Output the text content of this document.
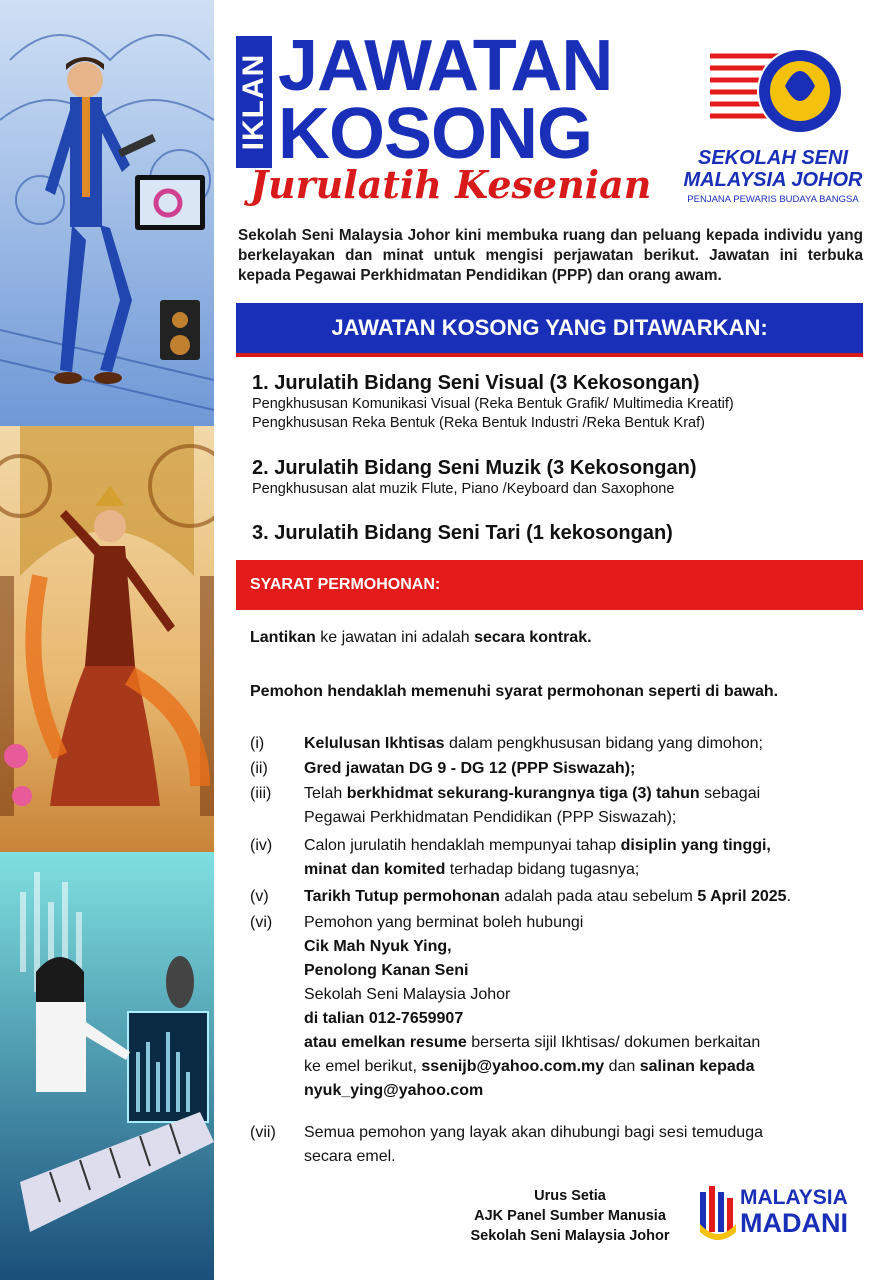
IKLAN JAWATAN
KOSONG
Jurulatih Kesenian
SEKOLAH SENI
MALAYSIA JOHOR
PENJANA PEWARIS BUDAYA BANGSA
Sekolah Seni Malaysia Johor kini membuka ruang dan peluang kepada individu yang berkelayakan dan minat untuk mengisi perjawatan berikut. Jawatan ini terbuka kepada Pegawai Perkhidmatan Pendidikan (PPP) dan orang awam.
JAWATAN KOSONG YANG DITAWARKAN:
1. Jurulatih Bidang Seni Visual (3 Kekosongan)
Pengkhususan Komunikasi Visual (Reka Bentuk Grafik/ Multimedia Kreatif)
Pengkhususan Reka Bentuk (Reka Bentuk Industri /Reka Bentuk Kraf)
2. Jurulatih Bidang Seni Muzik (3 Kekosongan)
Pengkhususan alat muzik Flute, Piano /Keyboard dan Saxophone
3. Jurulatih Bidang Seni Tari (1 kekosongan)
SYARAT PERMOHONAN:
Lantikan ke jawatan ini adalah secara kontrak.
Pemohon hendaklah memenuhi syarat permohonan seperti di bawah.
(i) Kelulusan Ikhtisas dalam pengkhususan bidang yang dimohon;
(ii) Gred jawatan DG 9 - DG 12 (PPP Siswazah);
(iii) Telah berkhidmat sekurang-kurangnya tiga (3) tahun sebagai
Pegawai Perkhidmatan Pendidikan (PPP Siswazah);
(iv) Calon jurulatih hendaklah mempunyai tahap disiplin yang tinggi,
minat dan komited terhadap bidang tugasnya;
(v) Tarikh Tutup permohonan adalah pada atau sebelum 5 April 2025.
(vi) Pemohon yang berminat boleh hubungi
Cik Mah Nyuk Ying,
Penolong Kanan Seni
Sekolah Seni Malaysia Johor
di talian 012-7659907
atau emelkan resume berserta sijil Ikhtisas/ dokumen berkaitan
ke emel berikut, ssenijb@yahoo.com.my dan salinan kepada
nyuk_ying@yahoo.com
(vii) Semua pemohon yang layak akan dihubungi bagi sesi temuduga
secara emel.
Urus Setia
AJK Panel Sumber Manusia
Sekolah Seni Malaysia Johor
MALAYSIA
MADANI
